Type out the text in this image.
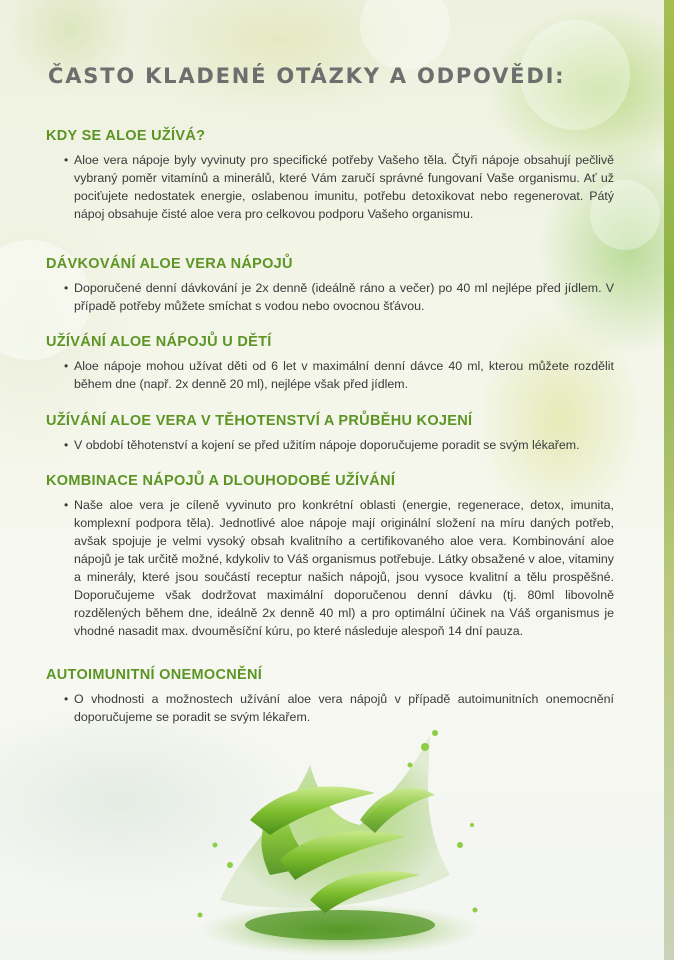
ČASTO KLADENÉ OTÁZKY A ODPOVĚDI:
KDY SE ALOE UŽÍVÁ?

• Aloe vera nápoje byly vyvinuty pro specifické potřeby Vašeho těla. Čtyři nápoje obsahují pečlivě vybraný poměr vitamínů a minerálů, které Vám zaručí správné fungovaní Vaše organismu. Ať už pociťujete nedostatek energie, oslabenou imunitu, potřebu detoxikovat nebo regenerovat. Pátý nápoj obsahuje čisté aloe vera pro celkovou podporu Vašeho organismu.

DÁVKOVÁNÍ ALOE VERA NÁPOJŮ

• Doporučené denní dávkování je 2x denně (ideálně ráno a večer) po 40 ml nejlépe před jídlem. V případě potřeby můžete smíchat s vodou nebo ovocnou šťávou.

UŽÍVÁNÍ ALOE NÁPOJŮ U DĚTÍ

• Aloe nápoje mohou užívat děti od 6 let v maximální denní dávce 40 ml, kterou můžete rozdělit během dne (např. 2x denně 20 ml), nejlépe však před jídlem.

UŽÍVÁNÍ ALOE VERA V TĚHOTENSTVÍ A PRŮBĚHU KOJENÍ

• V období těhotenství a kojení se před užitím nápoje doporučujeme poradit se svým lékařem.

KOMBINACE NÁPOJŮ A DLOUHODOBÉ UŽÍVÁNÍ

• Naše aloe vera je cíleně vyvinuto pro konkrétní oblasti (energie, regenerace, detox, imunita, komplexní podpora těla). Jednotlivé aloe nápoje mají originální složení na míru daných potřeb, avšak spojuje je velmi vysoký obsah kvalitního a certifikovaného aloe vera. Kombinování aloe nápojů je tak určitě možné, kdykoliv to Váš organismus potřebuje. Látky obsažené v aloe, vitaminy a minerály, které jsou součástí receptur našich nápojů, jsou vysoce kvalitní a tělu prospěšné. Doporučujeme však dodržovat maximální doporučenou denní dávku (tj. 80ml libovolně rozdělených během dne, ideálně 2x denně 40 ml) a pro optimální účinek na Váš organismus je vhodné nasadit max. dvouměsíční kúru, po které následuje alespoň 14 dní pauza.

AUTOIMUNITNÍ ONEMOCNĚNÍ

• O vhodnosti a možnostech užívání aloe vera nápojů v případě autoimunitních onemocnění doporučujeme se poradit se svým lékařem.
